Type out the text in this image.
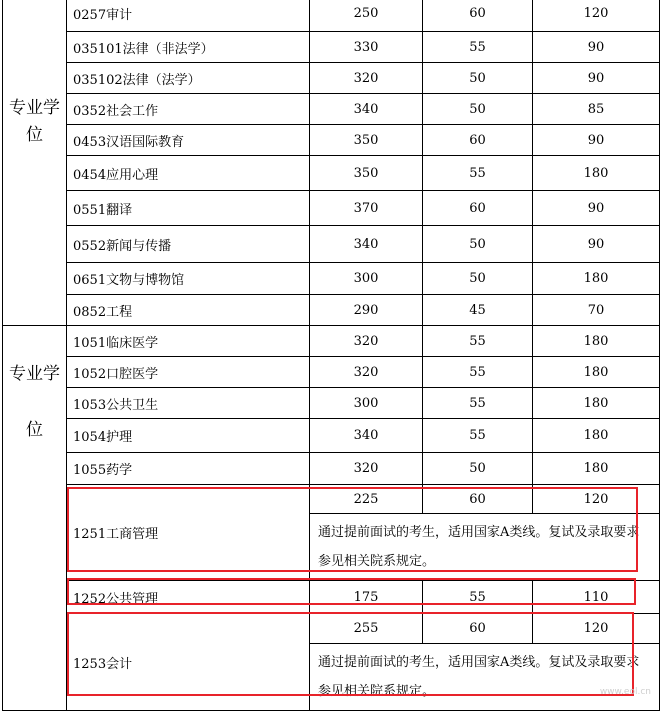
专业学位	0257审计	250	60	120
	035101法律（非法学）	330	55	90
	035102法律（法学）	320	50	90
	0352社会工作	340	50	85
	0453汉语国际教育	350	60	90
	0454应用心理	350	55	180
	0551翻译	370	60	90
	0552新闻与传播	340	50	90
	0651文物与博物馆	300	50	180
	0852工程	290	45	70

专业学位	1051临床医学	320	55	180
	1052口腔医学	320	55	180
	1053公共卫生	300	55	180
	1054护理	340	55	180
	1055药学	320	50	180
	1251工商管理	225	60	120
		通过提前面试的考生，适用国家A类线。复试及录取要求参见相关院系规定。		
	1252公共管理	175	55	110
	1253会计	255	60	120
		通过提前面试的考生，适用国家A类线。复试及录取要求参见相关院系规定。			www.eol.cn
